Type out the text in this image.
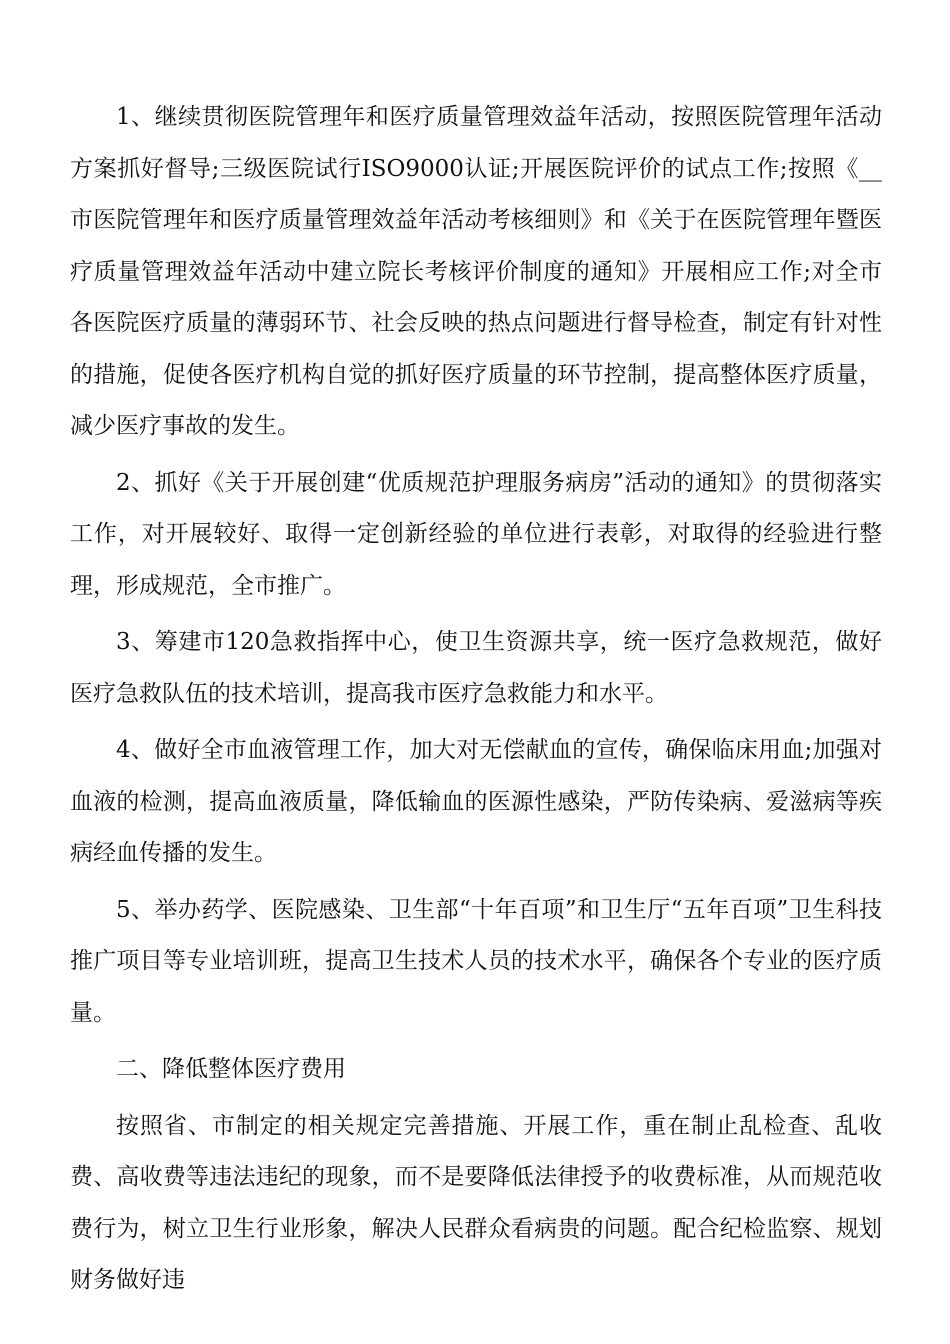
1、继续贯彻医院管理年和医疗质量管理效益年活动，按照医院管理年活动方案抓好督导;三级医院试行ISO9000认证;开展医院评价的试点工作;按照《__市医院管理年和医疗质量管理效益年活动考核细则》和《关于在医院管理年暨医疗质量管理效益年活动中建立院长考核评价制度的通知》开展相应工作;对全市各医院医疗质量的薄弱环节、社会反映的热点问题进行督导检查，制定有针对性的措施，促使各医疗机构自觉的抓好医疗质量的环节控制，提高整体医疗质量，减少医疗事故的发生。

2、抓好《关于开展创建“优质规范护理服务病房”活动的通知》的贯彻落实工作，对开展较好、取得一定创新经验的单位进行表彰，对取得的经验进行整理，形成规范，全市推广。

3、筹建市120急救指挥中心，使卫生资源共享，统一医疗急救规范，做好医疗急救队伍的技术培训，提高我市医疗急救能力和水平。

4、做好全市血液管理工作，加大对无偿献血的宣传，确保临床用血;加强对血液的检测，提高血液质量，降低输血的医源性感染，严防传染病、爱滋病等疾病经血传播的发生。

5、举办药学、医院感染、卫生部“十年百项”和卫生厅“五年百项”卫生科技推广项目等专业培训班，提高卫生技术人员的技术水平，确保各个专业的医疗质量。

二、降低整体医疗费用

按照省、市制定的相关规定完善措施、开展工作，重在制止乱检查、乱收费、高收费等违法违纪的现象，而不是要降低法律授予的收费标准，从而规范收费行为，树立卫生行业形象，解决人民群众看病贵的问题。配合纪检监察、规划财务做好违
